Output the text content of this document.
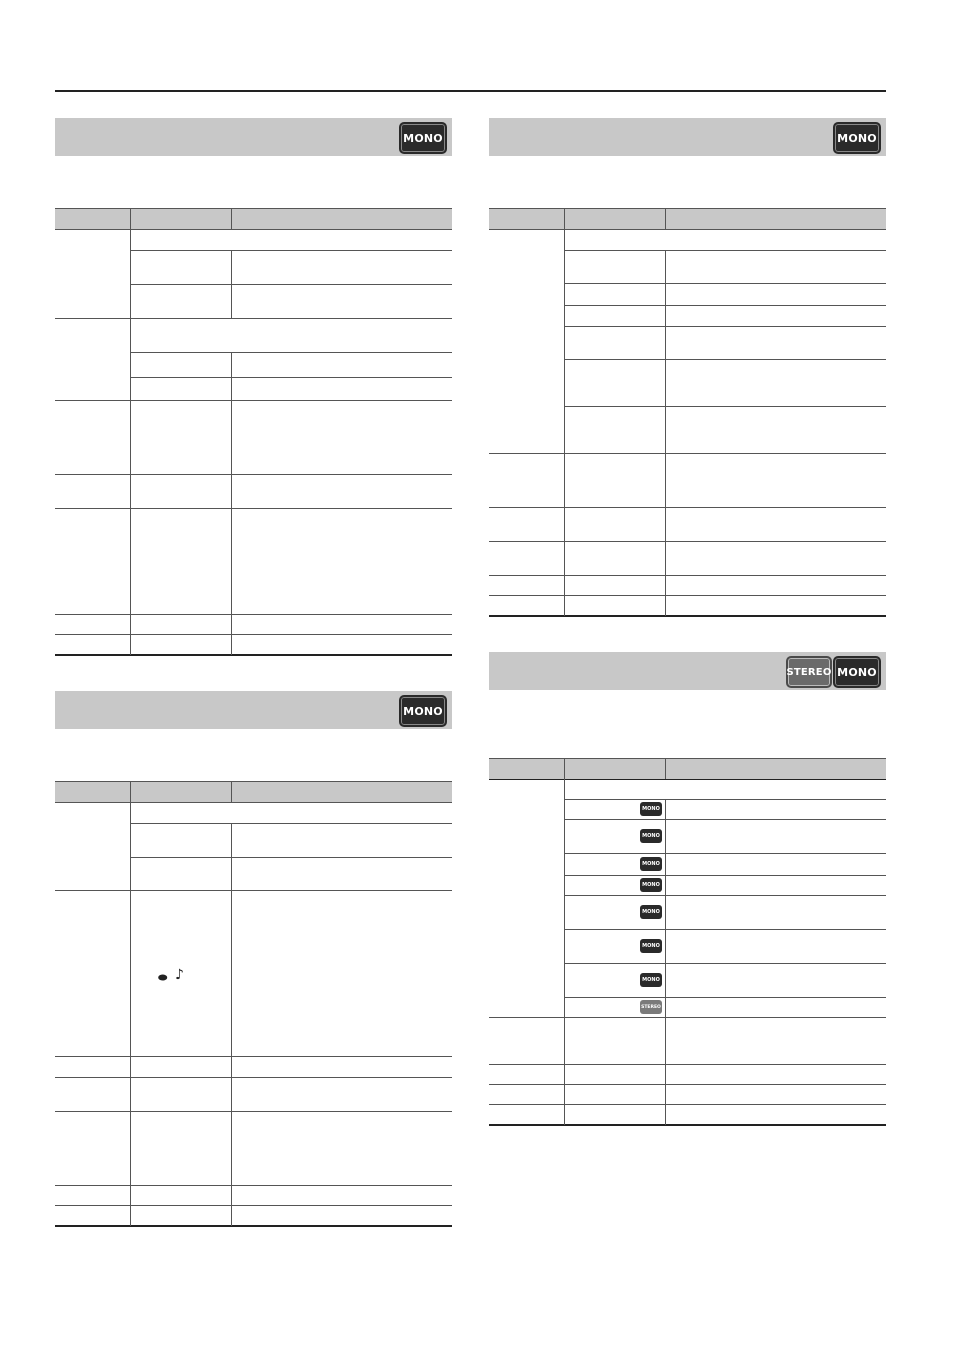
MONO
MONO
⬬ ♪
MONO
STEREO MONO
MONO
MONO
MONO
MONO
MONO
MONO
MONO
STEREO
